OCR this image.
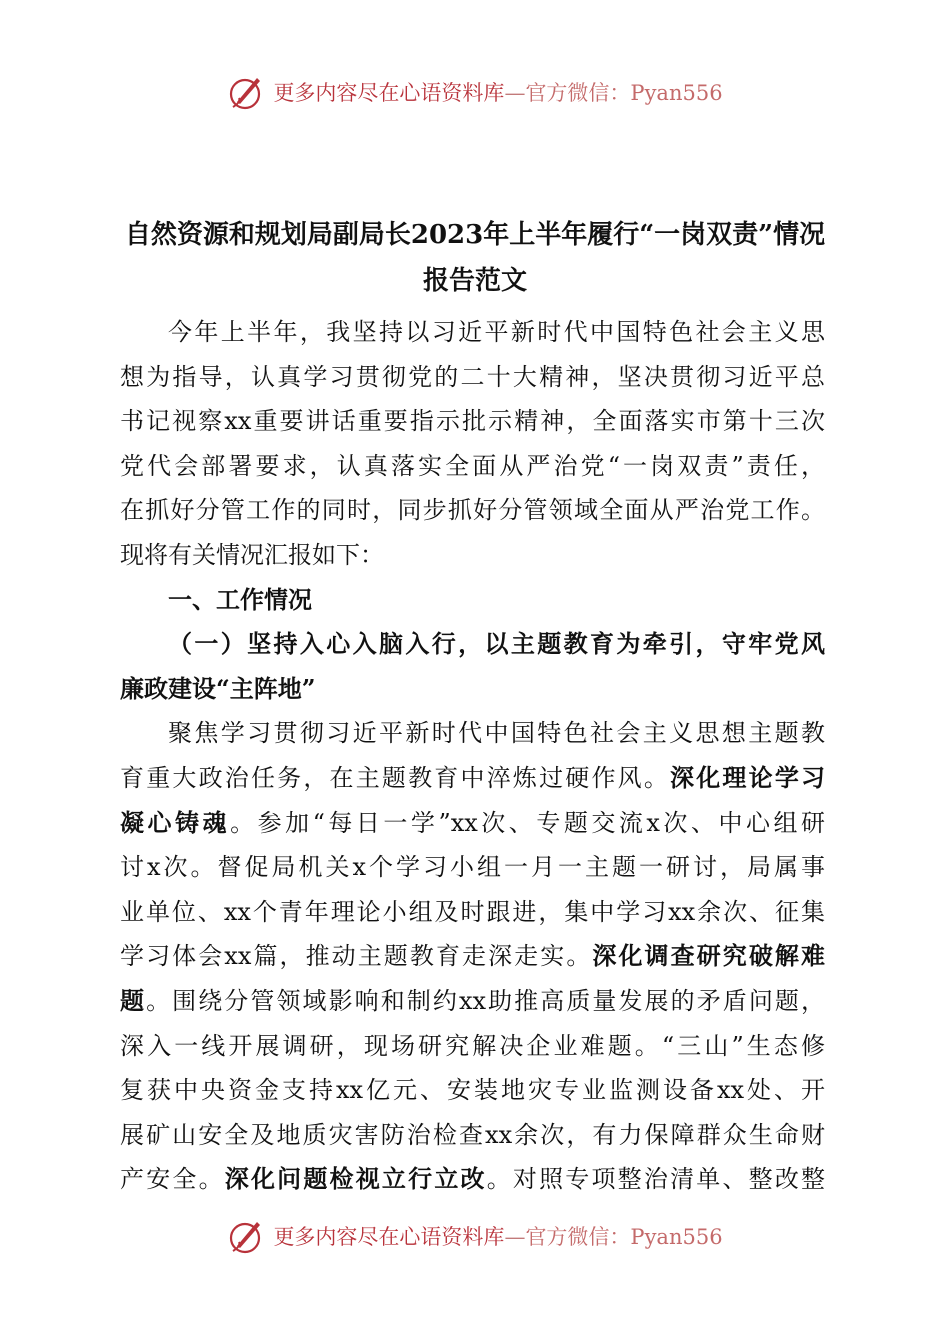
更多内容尽在心语资料库—官方微信：Pyan556
自然资源和规划局副局长2023年上半年履行“一岗双责”情况
报告范文
今年上半年，我坚持以习近平新时代中国特色社会主义思
想为指导，认真学习贯彻党的二十大精神，坚决贯彻习近平总
书记视察xx重要讲话重要指示批示精神，全面落实市第十三次
党代会部署要求，认真落实全面从严治党“一岗双责”责任，
在抓好分管工作的同时，同步抓好分管领域全面从严治党工作。
现将有关情况汇报如下：
一、工作情况
（一）坚持入心入脑入行，以主题教育为牵引，守牢党风
廉政建设“主阵地”
聚焦学习贯彻习近平新时代中国特色社会主义思想主题教
育重大政治任务，在主题教育中淬炼过硬作风。深化理论学习
凝心铸魂。参加“每日一学”xx次、专题交流x次、中心组研
讨x次。督促局机关x个学习小组一月一主题一研讨，局属事
业单位、xx个青年理论小组及时跟进，集中学习xx余次、征集
学习体会xx篇，推动主题教育走深走实。深化调查研究破解难
题。围绕分管领域影响和制约xx助推高质量发展的矛盾问题，
深入一线开展调研，现场研究解决企业难题。“三山”生态修
复获中央资金支持xx亿元、安装地灾专业监测设备xx处、开
展矿山安全及地质灾害防治检查xx余次，有力保障群众生命财
产安全。深化问题检视立行立改。对照专项整治清单、整改整
更多内容尽在心语资料库—官方微信：Pyan556
